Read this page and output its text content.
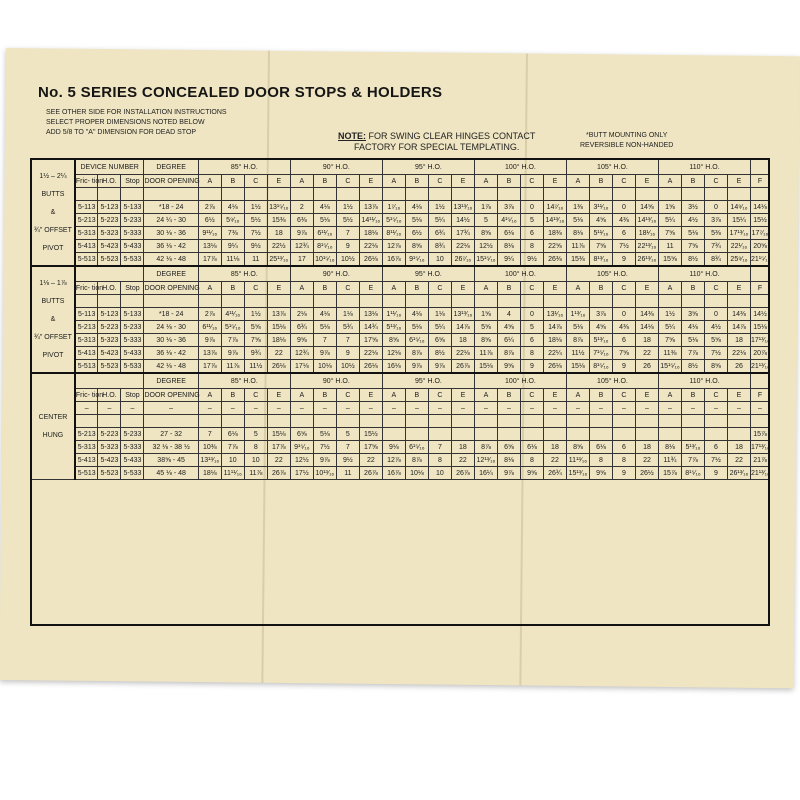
No. 5 SERIES CONCEALED DOOR STOPS & HOLDERS
SEE OTHER SIDE FOR INSTALLATION INSTRUCTIONS
SELECT PROPER DIMENSIONS NOTED BELOW
ADD 5/8 TO "A" DIMENSION FOR DEAD STOP	NOTE: FOR SWING CLEAR HINGES CONTACT
FACTORY FOR SPECIAL TEMPLATING.
*BUTT MOUNTING ONLY
REVERSIBLE NON-HANDED
1½ – 2¼
BUTTS
&
¾" OFFSET
PIVOT	DEVICE NUMBER			DEGREE	85° H.O.				90° H.O.				95° H.O.				100° H.O.				105° H.O.				110° H.O.				
	Fric- tion	H.O.	Stop	DOOR OPENING	A	B	C	E	A	B	C	E	A	B	C	E	A	B	C	E	A	B	C	E	A	B	C	E	F

	5-113	5-123	5-133	*18 - 24	2⅞	4⅛	1½	13¹⁵⁄₁₆	2	4⅛	1½	13⅞	1⁷⁄₁₆	4⅛	1½	13¹³⁄₁₆	1⅞	3⅞	0	14⁷⁄₁₆	1⅜	3¹¹⁄₁₆	0	14⅝	1⅝	3½	0	14⁹⁄₁₆	14⅛
	5-213	5-223	5-233	24 ¼ - 30	6½	5⁹⁄₁₆	5½	15⅜	6⅜	5⅛	5½	14¹¹⁄₁₆	5¹⁵⁄₁₆	5⅛	5¼	14½	5	4¹⁵⁄₁₆	5	14¹³⁄₁₆	5⅛	4⅝	4⅜	14¹³⁄₁₆	5¼	4½	3⅞	15¼	15½
	5-313	5-323	5-333	30 ⅛ - 36	9¹¹⁄₁₆	7⅜	7½	18	9⅞	6¹¹⁄₁₆	7	18⅛	8¹¹⁄₁₆	6½	6¾	17¾	8⅝	6⅛	6	18⅜	8⅛	5¹¹⁄₁₆	6	18¹⁄₁₆	7⅝	5⅛	5⅜	17¹³⁄₁₆	17⁷⁄₁₆
	5-413	5-423	5-433	36 ⅛ - 42	13⅛	9¼	9½	22½	12¾	8¹⁵⁄₁₆	9	22⅛	12⅞	8⅝	8¾	22⅛	12½	8⅛	8	22⅝	11⅞	7⅝	7½	22¹³⁄₁₆	11	7⅝	7¾	22¹⁄₁₆	20⅝
	5-513	5-523	5-533	42 ⅛ - 48	17⅞	11⅛	11	25¹³⁄₁₆	17	10¹⁵⁄₁₆	10½	26⅛	16⅞	9¹⁵⁄₁₆	10	26⁷⁄₁₆	15¹⁵⁄₁₆	9¼	9½	26⅜	15⅜	8¹³⁄₁₆	9	26¹³⁄₁₆	15⅝	8½	8¾	25⁹⁄₁₆	21¹⁵⁄₁₆

1⅛ – 1⅞
BUTTS
&
¾" OFFSET
PIVOT				DEGREE	85° H.O.				90° H.O.				95° H.O.				100° H.O.				105° H.O.				110° H.O.				
	Fric- tion	H.O.	Stop	DOOR OPENING	A	B	C	E	A	B	C	E	A	B	C	E	A	B	C	E	A	B	C	E	A	B	C	E	F

	5-113	5-123	5-133	*18 - 24	2⅞	4¹¹⁄₁₆	1½	13⅞	2⅛	4⅛	1⅛	13⅛	1¹¹⁄₁₆	4⅛	1⅛	13¹³⁄₁₆	1⅝	4	0	13¹⁄₁₆	1¹³⁄₁₆	3⅞	0	14⅜	1½	3⅝	0	14⅜	14½
	5-213	5-223	5-233	24 ⅛ - 30	6¹¹⁄₁₆	5¹⁵⁄₁₆	5⅝	15⅛	6¾	5⅛	5¾	14¾	5¹³⁄₁₆	5⅛	5¼	14⅞	5⅝	4⅝	5	14⅞	5⅛	4⅝	4⅜	14⅛	5¼	4⅛	4½	14⅞	15⅛
	5-313	5-323	5-333	30 ⅛ - 36	9⅞	7⅞	7⅝	18⅛	9⅝	7	7	17⅝	8⅝	6¹⁵⁄₁₆	6⅝	18	8⅝	6¼	6	18⅛	8⅞	5¹³⁄₁₆	6	18	7⅝	5⅛	5⅝	18	17¹³⁄₁₆
	5-413	5-423	5-433	36 ⅛ - 42	13⅞	9⅞	9¾	22	12¾	9⅞	9	22⅛	12⅛	8⅞	8½	22⅛	11⅞	8⅞	8	22¼	11½	7¹⁵⁄₁₆	7⅝	22	11⅜	7⅞	7½	22⅛	20⅞
	5-513	5-523	5-533	42 ⅛ - 48	17⅞	11⅞	11½	26⅛	17⅛	10⅛	10½	26⅛	16⅛	9⅞	9⅞	26⅞	15⅛	9⅝	9	26⅛	15⅛	8¹⁵⁄₁₆	9	26	15¹⁵⁄₁₆	8½	8⅝	26	21¹³⁄₁₆

CENTER
HUNG				DEGREE	85° H.O.				90° H.O.				95° H.O.				100° H.O.				105° H.O.				110° H.O.				
	Fric- tion	H.O.	Stop	DOOR OPENING	A	B	C	E	A	B	C	E	A	B	C	E	A	B	C	E	A	B	C	E	A	B	C	E	F
	–	–	–	–	–	–	–	–	–	–	–	–	–	–	–	–	–	–	–	–	–	–	–	–	–	–	–	–	–

	5-213	5-223	5-233	27 - 32	7	6⅛	5	15⅛	6⅝	5⅛	5	15½																	15⅞
	5-313	5-323	5-333	32 ⅛ - 38 ½	10⅜	7⅞	8	17⅞	9¹⁵⁄₁₆	7½	7	17⅝	9⅛	6¹⁵⁄₁₆	7	18	8⅞	6⅝	6⅛	18	8⅝	6⅛	6	18	8⅛	5¹³⁄₁₆	6	18	17¹³⁄₁₆
	5-413	5-423	5-433	38⅝ - 45	13¹³⁄₁₆	10	10	22	12½	9⅞	9½	22	12⅞	8⅞	8	22	12¹³⁄₁₆	8⅛	8	22	11¹³⁄₁₆	8	8	22	11¾	7⅞	7½	22	21⅞
	5-513	5-523	5-533	45 ⅛ - 48	18⅛	11¹¹⁄₁₆	11⅞	26⅞	17½	10¹³⁄₁₆	11	26⅞	16⅞	10⅛	10	26⅞	16¼	9⅞	9⅝	26¾	15¹³⁄₁₆	9⅝	9	26½	15⅞	8¹⁵⁄₁₆	9	26¹³⁄₁₆	21¹³⁄₁₆
